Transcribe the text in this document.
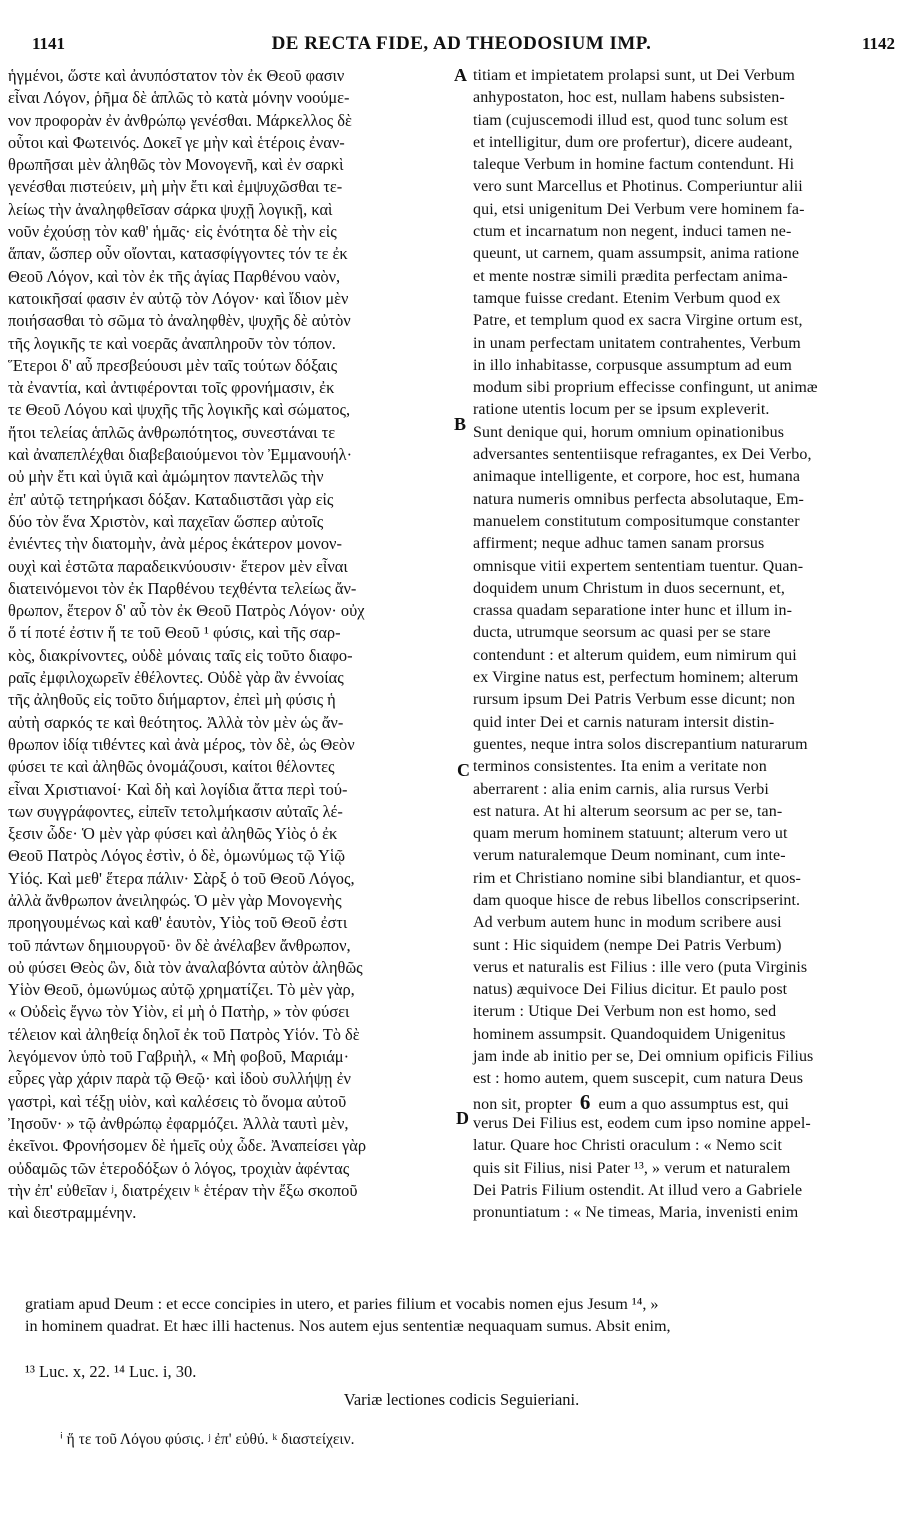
1141	DE RECTA FIDE, AD THEODOSIUM IMP.	1142
ἡγμένοι, ὥστε καὶ ἀνυπόστατον τὸν ἐκ Θεοῦ φασιν
εἶναι Λόγον, ῥῆμα δὲ ἁπλῶς τὸ κατὰ μόνην νοούμε-
νον προφορὰν ἐν ἀνθρώπῳ γενέσθαι. Μάρκελλος δὲ
οὗτοι καὶ Φωτεινός. Δοκεῖ γε μὴν καὶ ἑτέροις ἐναν-
θρωπῆσαι μὲν ἀληθῶς τὸν Μονογενῆ, καὶ ἐν σαρκὶ
γενέσθαι πιστεύειν, μὴ μὴν ἔτι καὶ ἐμψυχῶσθαι τε-
λείως τὴν ἀναληφθεῖσαν σάρκα ψυχῇ λογικῇ, καὶ
νοῦν ἐχούσῃ τὸν καθ' ἡμᾶς· εἰς ἑνότητα δὲ τὴν εἰς
ἅπαν, ὥσπερ οὖν οἴονται, κατασφίγγοντες τόν τε ἐκ
Θεοῦ Λόγον, καὶ τὸν ἐκ τῆς ἁγίας Παρθένου ναὸν,
κατοικῆσαί φασιν ἐν αὐτῷ τὸν Λόγον· καὶ ἴδιον μὲν
ποιήσασθαι τὸ σῶμα τὸ ἀναληφθὲν, ψυχῆς δὲ αὐτὸν
τῆς λογικῆς τε καὶ νοερᾶς ἀναπληροῦν τὸν τόπον.
Ἕτεροι δ' αὖ πρεσβεύουσι μὲν ταῖς τούτων δόξαις
τὰ ἐναντία, καὶ ἀντιφέρονται τοῖς φρονήμασιν, ἐκ
τε Θεοῦ Λόγου καὶ ψυχῆς τῆς λογικῆς καὶ σώματος,
ἤτοι τελείας ἁπλῶς ἀνθρωπότητος, συνεστάναι τε
καὶ ἀναπεπλέχθαι διαβεβαιούμενοι τὸν Ἐμμανουήλ·
οὐ μὴν ἔτι καὶ ὑγιᾶ καὶ ἀμώμητον παντελῶς τὴν
ἐπ' αὐτῷ τετηρήκασι δόξαν. Καταδιιστᾶσι γὰρ εἰς
δύο τὸν ἕνα Χριστὸν, καὶ παχεῖαν ὥσπερ αὐτοῖς
ἐνιέντες τὴν διατομὴν, ἀνὰ μέρος ἑκάτερον μονον-
ουχὶ καὶ ἑστῶτα παραδεικνύουσιν· ἕτερον μὲν εἶναι
διατεινόμενοι τὸν ἐκ Παρθένου τεχθέντα τελείως ἄν-
θρωπον, ἕτερον δ' αὖ τὸν ἐκ Θεοῦ Πατρὸς Λόγον· οὐχ
ὅ τί ποτέ ἐστιν ἥ τε τοῦ Θεοῦ ¹ φύσις, καὶ τῆς σαρ-
κὸς, διακρίνοντες, οὐδὲ μόναις ταῖς εἰς τοῦτο διαφο-
ραῖς ἐμφιλοχωρεῖν ἐθέλοντες. Οὐδὲ γὰρ ἂν ἐννοίας
τῆς ἀληθοῦς εἰς τοῦτο διήμαρτον, ἐπεὶ μὴ φύσις ἡ
αὐτὴ σαρκός τε καὶ θεότητος. Ἀλλὰ τὸν μὲν ὡς ἄν-
θρωπον ἰδίᾳ τιθέντες καὶ ἀνὰ μέρος, τὸν δὲ, ὡς Θεὸν
φύσει τε καὶ ἀληθῶς ὀνομάζουσι, καίτοι θέλοντες
εἶναι Χριστιανοί· Καὶ δὴ καὶ λογίδια ἄττα περὶ τού-
των συγγράφοντες, εἰπεῖν τετολμήκασιν αὐταῖς λέ-
ξεσιν ὧδε· Ὁ μὲν γὰρ φύσει καὶ ἀληθῶς Υἱὸς ὁ ἐκ
Θεοῦ Πατρὸς Λόγος ἐστὶν, ὁ δὲ, ὁμωνύμως τῷ Υἱῷ
Υἱός. Καὶ μεθ' ἕτερα πάλιν· Σὰρξ ὁ τοῦ Θεοῦ Λόγος,
ἀλλὰ ἄνθρωπον ἀνειληφώς. Ὁ μὲν γὰρ Μονογενὴς
προηγουμένως καὶ καθ' ἑαυτὸν, Υἱὸς τοῦ Θεοῦ ἐστι
τοῦ πάντων δημιουργοῦ· ὃν δὲ ἀνέλαβεν ἄνθρωπον,
οὐ φύσει Θεὸς ὢν, διὰ τὸν ἀναλαβόντα αὐτὸν ἀληθῶς
Υἱὸν Θεοῦ, ὁμωνύμως αὐτῷ χρηματίζει. Τὸ μὲν γὰρ,
« Οὐδεὶς ἔγνω τὸν Υἱὸν, εἰ μὴ ὁ Πατὴρ, » τὸν φύσει
τέλειον καὶ ἀληθείᾳ δηλοῖ ἐκ τοῦ Πατρὸς Υἱόν. Τὸ δὲ
λεγόμενον ὑπὸ τοῦ Γαβριὴλ, « Μὴ φοβοῦ, Μαριάμ·
εὗρες γὰρ χάριν παρὰ τῷ Θεῷ· καὶ ἰδοὺ συλλήψῃ ἐν
γαστρὶ, καὶ τέξῃ υἱὸν, καὶ καλέσεις τὸ ὄνομα αὐτοῦ
Ἰησοῦν· » τῷ ἀνθρώπῳ ἐφαρμόζει. Ἀλλὰ ταυτὶ μὲν,
ἐκεῖνοι. Φρονήσομεν δὲ ἡμεῖς οὐχ ὧδε. Ἀναπείσει γὰρ
οὐδαμῶς τῶν ἑτεροδόξων ὁ λόγος, τροχιὰν ἀφέντας
τὴν ἐπ' εὐθεῖαν ʲ, διατρέχειν ᵏ ἑτέραν τὴν ἔξω σκοποῦ
καὶ διεστραμμένην.
titiam et impietatem prolapsi sunt, ut Dei Verbum
anhypostaton, hoc est, nullam habens subsisten-
tiam (cujuscemodi illud est, quod tunc solum est
et intelligitur, dum ore profertur), dicere audeant,
taleque Verbum in homine factum contendunt. Hi
vero sunt Marcellus et Photinus. Comperiuntur alii
qui, etsi unigenitum Dei Verbum vere hominem fa-
ctum et incarnatum non negent, induci tamen ne-
queunt, ut carnem, quam assumpsit, anima ratione
et mente nostræ simili prædita perfectam anima-
tamque fuisse credant. Etenim Verbum quod ex
Patre, et templum quod ex sacra Virgine ortum est,
in unam perfectam unitatem contrahentes, Verbum
in illo inhabitasse, corpusque assumptum ad eum
modum sibi proprium effecisse confingunt, ut animæ
ratione utentis locum per se ipsum expleverit.
Sunt denique qui, horum omnium opinationibus
adversantes sententiisque refragantes, ex Dei Verbo,
animaque intelligente, et corpore, hoc est, humana
natura numeris omnibus perfecta absolutaque, Em-
manuelem constitutum compositumque constanter
affirment; neque adhuc tamen sanam prorsus
omnisque vitii expertem sententiam tuentur. Quan-
doquidem unum Christum in duos secernunt, et,
crassa quadam separatione inter hunc et illum in-
ducta, utrumque seorsum ac quasi per se stare
contendunt : et alterum quidem, eum nimirum qui
ex Virgine natus est, perfectum hominem; alterum
rursum ipsum Dei Patris Verbum esse dicunt; non
quid inter Dei et carnis naturam intersit distin-
guentes, neque intra solos discrepantium naturarum
terminos consistentes. Ita enim a veritate non
aberrarent : alia enim carnis, alia rursus Verbi
est natura. At hi alterum seorsum ac per se, tan-
quam merum hominem statuunt; alterum vero ut
verum naturalemque Deum nominant, cum inte-
rim et Christiano nomine sibi blandiantur, et quos-
dam quoque hisce de rebus libellos conscripserint.
Ad verbum autem hunc in modum scribere ausi
sunt : Hic siquidem (nempe Dei Patris Verbum)
verus et naturalis est Filius : ille vero (puta Virginis
natus) æquivoce Dei Filius dicitur. Et paulo post
iterum : Utique Dei Verbum non est homo, sed
hominem assumpsit. Quandoquidem Unigenitus
jam inde ab initio per se, Dei omnium opificis Filius
est : homo autem, quem suscepit, cum natura Deus
non sit, propter 6 eum a quo assumptus est, qui
verus Dei Filius est, eodem cum ipso nomine appel-
latur. Quare hoc Christi oraculum : « Nemo scit
quis sit Filius, nisi Pater ¹³, » verum et naturalem
Dei Patris Filium ostendit. At illud vero a Gabriele
pronuntiatum : « Ne timeas, Maria, invenisti enim
A
B
C
D
gratiam apud Deum : et ecce concipies in utero, et paries filium et vocabis nomen ejus Jesum ¹⁴, »
in hominem quadrat. Et hæc illi hactenus. Nos autem ejus sententiæ nequaquam sumus. Absit enim,
¹³ Luc. x, 22. ¹⁴ Luc. i, 30.
Variæ lectiones codicis Seguieriani.
ⁱ ἥ τε τοῦ Λόγου φύσις. ʲ ἐπ' εὐθύ. ᵏ διαστείχειν.
